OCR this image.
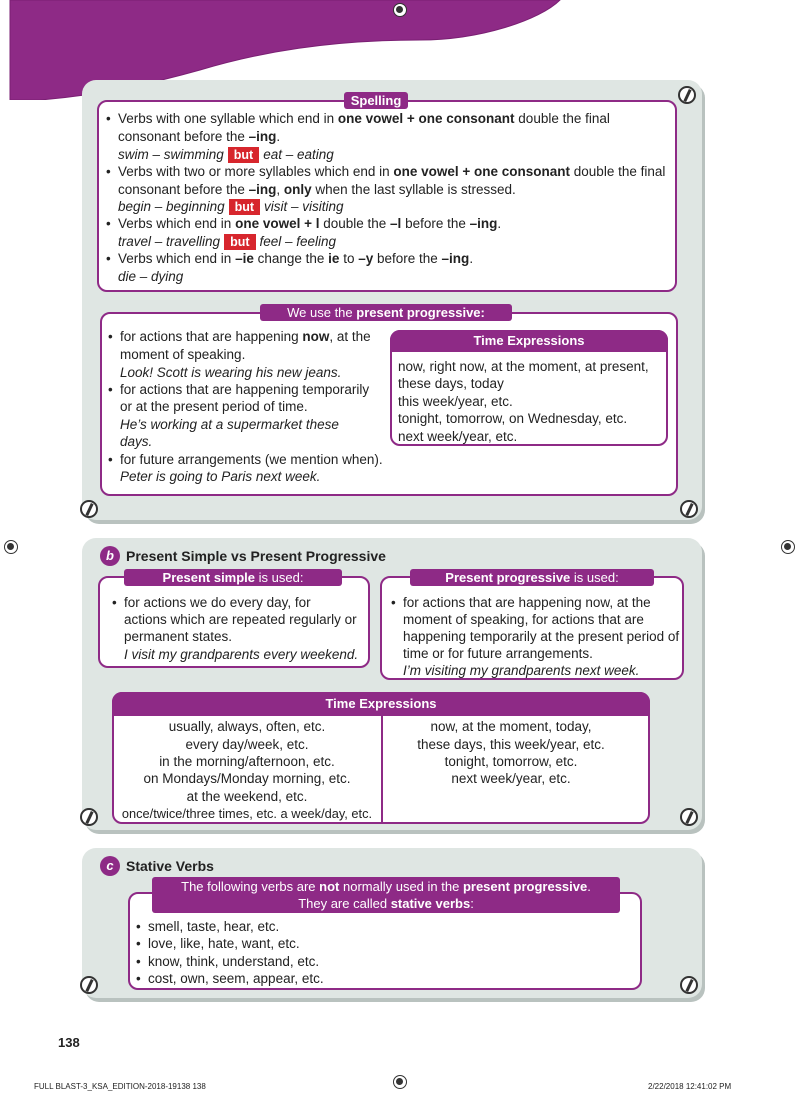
Spelling
• Verbs with one syllable which end in one vowel + one consonant double the final
consonant before the –ing.
swim – swimming but eat – eating
• Verbs with two or more syllables which end in one vowel + one consonant double the final
consonant before the –ing, only when the last syllable is stressed.
begin – beginning but visit – visiting
• Verbs which end in one vowel + l double the –l before the –ing.
travel – travelling but feel – feeling
• Verbs which end in –ie change the ie to –y before the –ing.
die – dying
We use the present progressive:
• for actions that are happening now, at the
moment of speaking.
Look! Scott is wearing his new jeans.
• for actions that are happening temporarily
or at the present period of time.
He’s working at a supermarket these
days.
• for future arrangements (we mention when).
Peter is going to Paris next week.
Time Expressions
now, right now, at the moment, at present,
these days, today
this week/year, etc.
tonight, tomorrow, on Wednesday, etc.
next week/year, etc.
b Present Simple vs Present Progressive
Present simple is used:
• for actions we do every day, for
actions which are repeated regularly or
permanent states.
I visit my grandparents every weekend.
Present progressive is used:
• for actions that are happening now, at the
moment of speaking, for actions that are
happening temporarily at the present period of
time or for future arrangements.
I’m visiting my grandparents next week.
Time Expressions
usually, always, often, etc.
every day/week, etc.
in the morning/afternoon, etc.
on Mondays/Monday morning, etc.
at the weekend, etc.
once/twice/three times, etc. a week/day, etc.
now, at the moment, today,
these days, this week/year, etc.
tonight, tomorrow, etc.
next week/year, etc.
c Stative Verbs
The following verbs are not normally used in the present progressive.
They are called stative verbs:
• smell, taste, hear, etc.
• love, like, hate, want, etc.
• know, think, understand, etc.
• cost, own, seem, appear, etc.
138
FULL BLAST-3_KSA_EDITION-2018-19138 138	2/22/2018 12:41:02 PM
